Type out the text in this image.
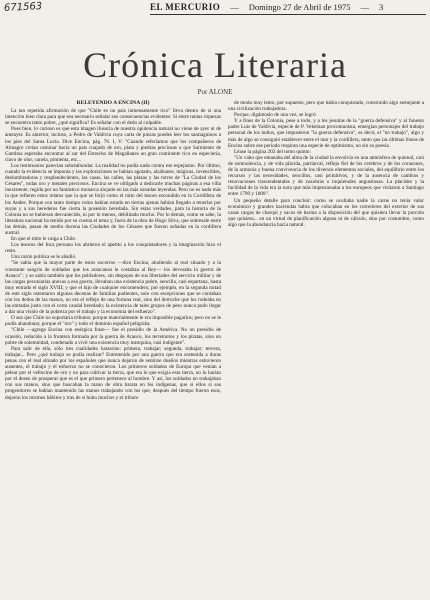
671563	EL MERCURIO — Domingo 27 de Abril de 1975 — 3
Crónica Literaria
Por ALONE

RELEYENDO A ENCINA (II)

La tan repetida afirmación de que "Chile es un país inmensamente rico" lleva dentro de sí una intención bien clara para que sea necesario señalar sus consecuencias evidentes: Si entre tantas riquezas se encuentra tanto pobre, ¿qué significa? Es señalar con el dedo al culpable.

Pues bien, lo curioso es que esta imagen ilusoria de nuestra opulencia natural no viene de ayer ni de anteayer. Es anterior, incluso, a Pedro de Valdivia cuya carta de piezas puedes leer los santiaguinos a los pies del Santa Lucía. Dice Encina, pág. 76. I, V: "Cuando referíamos que los compañeros de Almagro creían caminar hacia un país cuajado de oro, plata y piedras preciosas o que Sarmiento de Gamboa esperaba encontrar al sur del Estrecho de Magallanes un gran continente rico en especiería, clavo de olor, canela, pimienta, etc...

Los testimonios parecían sobreabundar. La realidad no podía nada contra ese espejismo. Por último, cuando la evidencia se imponía y las exploraciones se habían agotado, alzábanse, mágicas, invencibles, deslumbradoras y resplandecientes, las casas, las calles, las plazas y las torres de "La Ciudad de los Césares", todas oro y metales preciosos. Encina se ve obligado a dedicarle muchas páginas a esa villa inexistente, regida por un fantástico monarca alojado en las más sonadas leyendas. Pero no es nada más la que refieren estos relatos que la que se forjó como el mito del tesoro escondido en la Cordillera de los Andes. Porque con tanto tiempo como habían estado en tierras ajenas habían llegado a tenerlas por suyas y a sus herederos fue cierta la posesión heredada. Sin estas verdades, para la historia de la Colonia no se hubieran desvanecido, ni por lo menos, debilitado mucho. Por lo demás, como se sabe, la literatura nacional ha tenido por su cuenta el tema y, fuera de la obra de Hugo Silva, que sobresale entre las demás, pasan de medio docena las Ciudades de los Césares que fueron soñadas en la cordillera austral.

En que el mito le caiga a Chile.

Los tesoros del Inca peruano los abrieron el apetito a los conquistadores y la imaginación hizo el resto.

Una razón política se le añadió.

"Se sabía que la mayor parte de estos socorros —dice Encina, aludiendo al real situado y a la constante sangría de soldados que los araucanos le costaban al Rey— los devoraba la guerra de Arauco"; y se sabía también que los pobladores, sin despojos de sus libertades del servicio militar y de las cargas pecuniarias anexas a esa guerra, llevaban una existencia pobre, sencilla, casi espartana, hasta muy entrado el siglo XVIII; y que el hijo de cualquier encomendero, por ejemplo, en la segunda mitad de este siglo ostentaron algunas decenas de familias pudientes, solo con escepciones que se contaban con los dedos de las manos, no era el reflejo de una fortuna real, sino del derroche que los rodeaba en las entradas justo con el corto caudal heredado; la existencia de tales grupos de peso nunca pudo llegar a dar una visión de la pobreza por el trabajo y la economía del esfuerzo".

O sea que Chile no soportaría tributos: porque materialmente le era imposible pagarlos; pero no se le podía abandonar, porque el "oro" y todo el dominio español peligraba.

"Chile —agrega Encina con enérgica frase— fue el presidio de la América. No un presidio de ocasión, reducido a la frontera formada por la guerra de Arauco, los terremotos y los piratas, sino un pobre de solemnidad, condenado a vivir una existencia muy mezquina, casi indigente".

Para salir de ella, sólo tres cualidades bastarían: primera, trabajar; segunda, trabajar; tercera, trabajar... Pero ¿qué trabajo se podía realizar? Entretenido por una guerra que era sostenida a duras penas con el real situado por los españoles que nunca dejaron de sentirse dueños mientras estuvieron ausentes, el trabajo y el esfuerzo no se conocieron. Los primeros soldados de Europa que venían a pelear por el vellocino de oro y no para cultivar la tierra, que era lo que exigía esta tierra, no lo harían por el deseo de prosperar que es el que primero pertenece al hombre. Y así, los soldados no trabajaban con sus manos, sino que buscaban la mano de obra barata en los indígenas, que si ellos sí sus progenitores se habían mantenido las manos trabajando con los que, después del tiempo fueron esos, dejaron los mismos hábitos y tras de sí hubo muchos y el tributo

de modo muy lento, por supuesto, pero que había conquistado, construido algo semejante a una civilización trabajadora.

Porque, digámoslo de una vez, se logró.

Y a fines de la Colonia, pese a todo, y a los jesuitas de la "guerra defensiva" y al funesto padre Luis de Valdivia, especie de P. Vekeman procomunista, emergían personajes del trabajo personal de los indios, que impusieron "la guerra defensiva", es decir, el "no trabajo", algo y más de algo se consiguió establecer entre el mar y la cordillera, tanto que las últimas líneas de Encina sobre ese período respiran una especie de optimismo, no sin su poesía.

Léase la página 202 del tomo quinto:

"Un vaho que emanaba del alma de la ciudad la envolvía en una atmósfera de quietud, casi de somnolencia, y de vida plácida, patriarcal, reflejo fiel de los cerebros y de los corazones, de la armonía y buena convivencia de los diversos elementos sociales, del equilibrio entre los recursos y las necesidades, sencillos, casi primitivos, y de la ausencia de cambios y renovaciones trascendentales y de zozobras o inquietudes angustiosas. La placidez y la facilidad de la vida era la nota que más impresionaba a los europeos que visitaron a Santiago entre 1790 y 1808".

Un pequeño detalle para concluir: como se ocultaba nadie la carne no tenía valor económico y grandes haciendas había que colocaban en los corredores del exterior de sus casas cargas de charqui y sacos de harina a la disposición del que quisiera llevar la porción que quisiera... en un virtud de planificación alguna ni de cálculo, sino por costumbre, como algo que la abundancia hacía natural.
